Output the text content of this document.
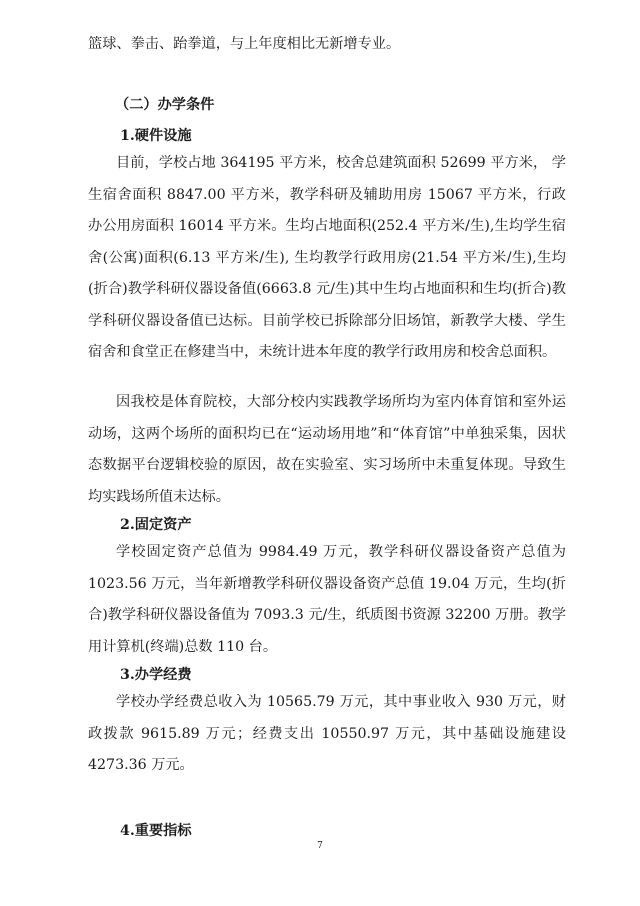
篮球、拳击、跆拳道，与上年度相比无新增专业。

（二）办学条件

1.硬件设施

目前，学校占地 364195 平方米，校舍总建筑面积 52699 平方米， 学生宿舍面积 8847.00 平方米，教学科研及辅助用房 15067 平方米，行政 办公用房面积 16014 平方米。生均占地面积(252.4 平方米/生),生均学生宿舍(公寓)面积(6.13 平方米/生), 生均教学行政用房(21.54 平方米/生),生均(折合)教学科研仪器设备值(6663.8 元/生)其中生均占地面积和生均(折合)教学科研仪器设备值已达标。目前学校已拆除部分旧场馆，新教学大楼、学生宿舍和食堂正在修建当中，未统计进本年度的教学行政用房和校舍总面积。

因我校是体育院校，大部分校内实践教学场所均为室内体育馆和室外运动场，这两个场所的面积均已在“运动场用地”和“体育馆”中单独采集，因状态数据平台逻辑校验的原因，故在实验室、实习场所中未重复体现。导致生均实践场所值未达标。

2.固定资产

学校固定资产总值为 9984.49 万元，教学科研仪器设备资产总值为 1023.56 万元，当年新增教学科研仪器设备资产总值 19.04 万元，生均(折合)教学科研仪器设备值为 7093.3 元/生，纸质图书资源 32200 万册。教学用计算机(终端)总数 110 台。

3.办学经费

学校办学经费总收入为 10565.79 万元，其中事业收入 930 万元，财政拨款 9615.89 万元；经费支出 10550.97 万元，其中基础设施建设 4273.36 万元。

4.重要指标

7
